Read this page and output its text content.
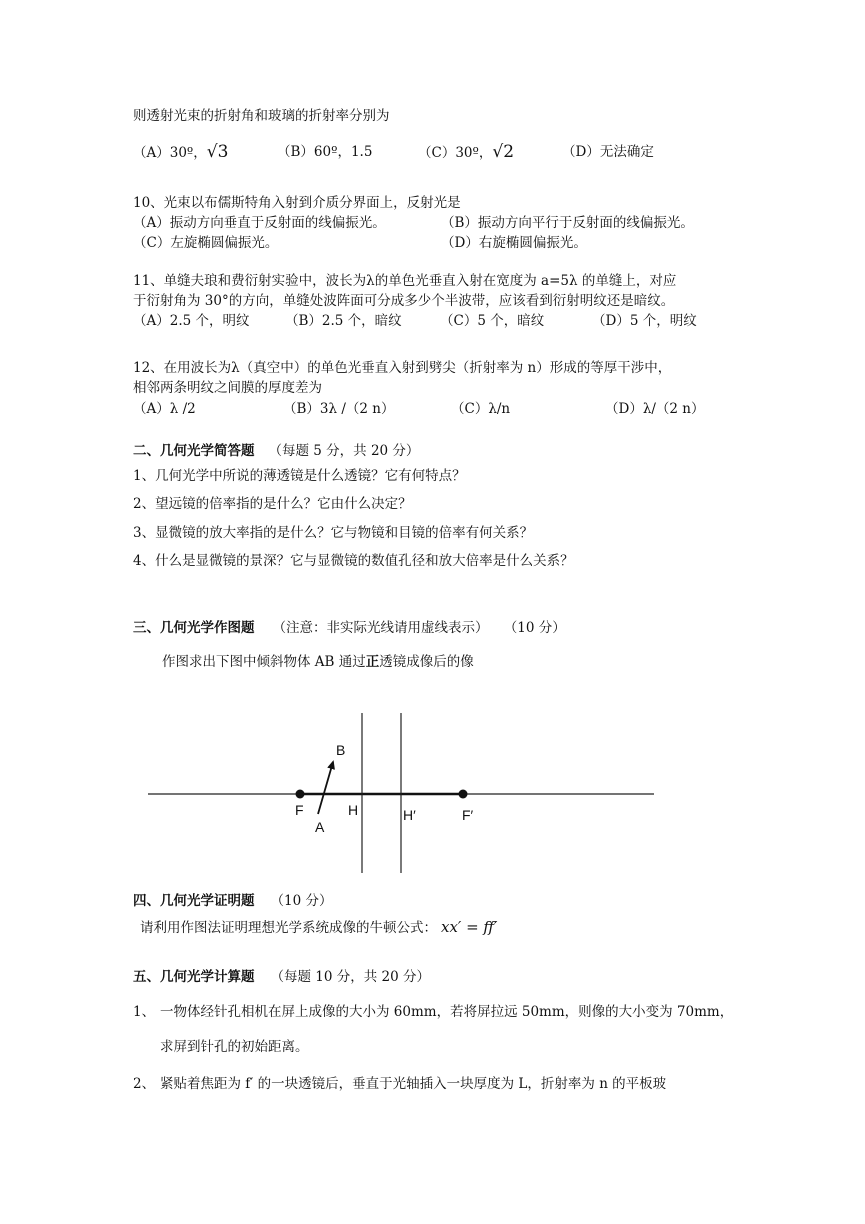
则透射光束的折射角和玻璃的折射率分别为
（A）30º，√3	（B）60º，1.5	（C）30º，√2	（D）无法确定
10、光束以布儒斯特角入射到介质分界面上，反射光是
（A）振动方向垂直于反射面的线偏振光。	（B）振动方向平行于反射面的线偏振光。
（C）左旋椭圆偏振光。	（D）右旋椭圆偏振光。
11、单缝夫琅和费衍射实验中，波长为λ的单色光垂直入射在宽度为 a=5λ 的单缝上，对应
于衍射角为 30°的方向，单缝处波阵面可分成多少个半波带，应该看到衍射明纹还是暗纹。
（A）2.5 个，明纹	（B）2.5 个，暗纹	（C）5 个，暗纹	（D）5 个，明纹
12、在用波长为λ（真空中）的单色光垂直入射到劈尖（折射率为 n）形成的等厚干涉中，
相邻两条明纹之间膜的厚度差为
（A）λ /2	（B）3λ /（2 n）	（C）λ/n	（D）λ/（2 n）
二、几何光学简答题 （每题 5 分，共 20 分）
1、几何光学中所说的薄透镜是什么透镜？它有何特点？
2、望远镜的倍率指的是什么？它由什么决定？
3、显微镜的放大率指的是什么？它与物镜和目镜的倍率有何关系？
4、什么是显微镜的景深？它与显微镜的数值孔径和放大倍率是什么关系？
三、几何光学作图题 （注意：非实际光线请用虚线表示） （10 分）
作图求出下图中倾斜物体 AB 通过正透镜成像后的像
B
A
F	H	H′	F′
四、几何光学证明题 （10 分）
请利用作图法证明理想光学系统成像的牛顿公式： xx′ = ff′
五、几何光学计算题 （每题 10 分，共 20 分）
1、 一物体经针孔相机在屏上成像的大小为 60mm，若将屏拉远 50mm，则像的大小变为 70mm，
求屏到针孔的初始距离。
2、 紧贴着焦距为 f′ 的一块透镜后，垂直于光轴插入一块厚度为 L，折射率为 n 的平板玻
